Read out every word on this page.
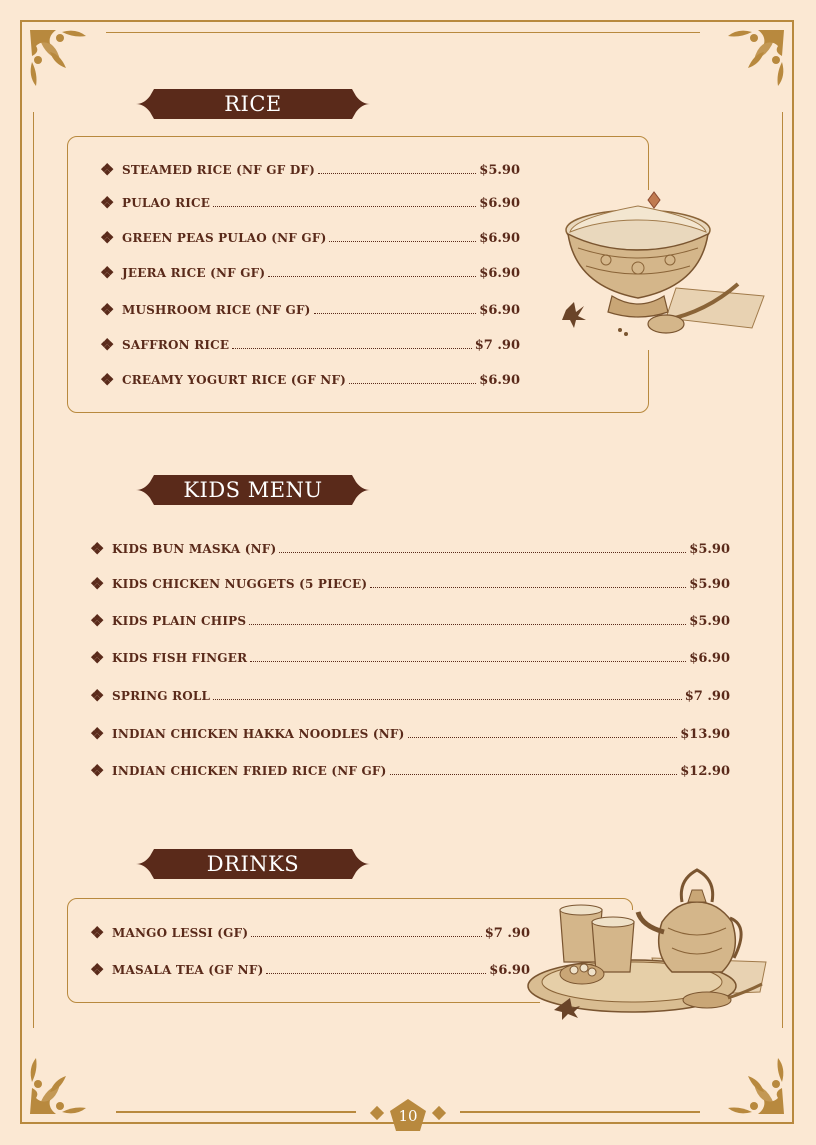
RICE
❖ STEAMED RICE (NF GF DF)	$5.90
❖ PULAO RICE	$6.90
❖ GREEN PEAS PULAO (NF GF)	$6.90
❖ JEERA RICE (NF GF)	$6.90
❖ MUSHROOM RICE (NF GF)	$6.90
❖ SAFFRON RICE	$7 .90
❖ CREAMY YOGURT RICE (GF NF)	$6.90
KIDS MENU
❖ KIDS BUN MASKA (NF)	$5.90
❖ KIDS CHICKEN NUGGETS (5 PIECE)	$5.90
❖ KIDS PLAIN CHIPS	$5.90
❖ KIDS FISH FINGER	$6.90
❖ SPRING ROLL	$7 .90
❖ INDIAN CHICKEN HAKKA NOODLES (NF)	$13.90
❖ INDIAN CHICKEN FRIED RICE (NF GF)	$12.90
DRINKS
❖ MANGO LESSI (GF)	$7 .90
❖ MASALA TEA (GF NF)	$6.90
10
